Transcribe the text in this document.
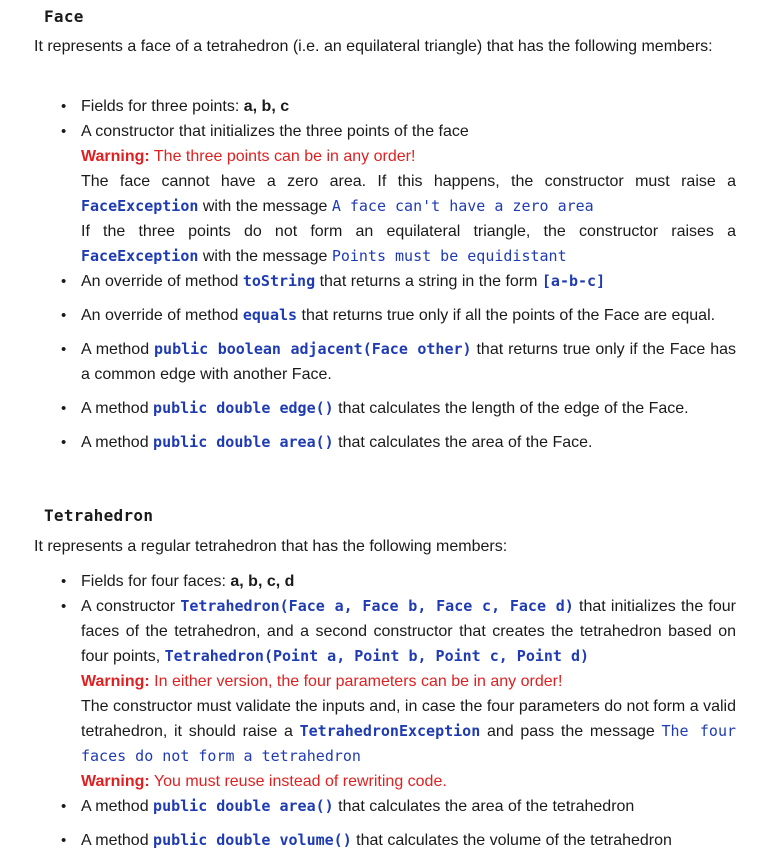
Face
It represents a face of a tetrahedron (i.e. an equilateral triangle) that has the following members:
• Fields for three points: a, b, c
• A constructor that initializes the three points of the face
Warning: The three points can be in any order!
The face cannot have a zero area. If this happens, the constructor must raise a FaceException with the message A face can't have a zero area
If the three points do not form an equilateral triangle, the constructor raises a FaceException with the message Points must be equidistant
• An override of method toString that returns a string in the form [a-b-c]
• An override of method equals that returns true only if all the points of the Face are equal.
• A method public boolean adjacent(Face other) that returns true only if the Face has a common edge with another Face.
• A method public double edge() that calculates the length of the edge of the Face.
• A method public double area() that calculates the area of the Face.
Tetrahedron
It represents a regular tetrahedron that has the following members:
• Fields for four faces: a, b, c, d
• A constructor Tetrahedron(Face a, Face b, Face c, Face d) that initializes the four faces of the tetrahedron, and a second constructor that creates the tetrahedron based on four points, Tetrahedron(Point a, Point b, Point c, Point d)
Warning: In either version, the four parameters can be in any order!
The constructor must validate the inputs and, in case the four parameters do not form a valid tetrahedron, it should raise a TetrahedronException and pass the message The four faces do not form a tetrahedron
Warning: You must reuse instead of rewriting code.
• A method public double area() that calculates the area of the tetrahedron
• A method public double volume() that calculates the volume of the tetrahedron
